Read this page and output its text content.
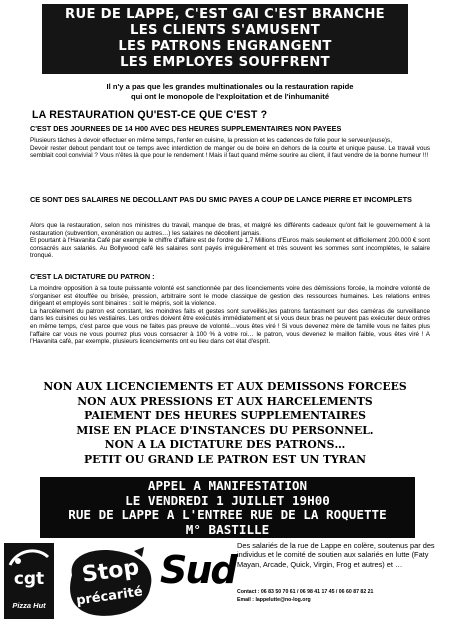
RUE DE LAPPE, C'EST GAI C'EST BRANCHE
LES CLIENTS S'AMUSENT
LES PATRONS ENGRANGENT
LES EMPLOYES SOUFFRENT
Il n'y a pas que les grandes multinationales ou la restauration rapide
qui ont le monopole de l'exploitation et de l'inhumanité
LA RESTAURATION QU'EST-CE QUE C'EST ?
C'EST DES JOURNEES DE 14 H00 AVEC DES HEURES SUPPLEMENTAIRES NON PAYEES
Plusieurs tâches à devoir effectuer en même temps, l'enfer en cuisine, la pression et les cadences de folie pour le serveur(euse)s,
Devoir rester debout pendant tout ce temps avec interdiction de manger ou de boire en dehors de la courte et unique pause. Le travail vous semblait cool convivial ? Vous n'êtes là que pour le rendement ! Mais il faut quand même sourire au client, il faut vendre de la bonne humeur !!!
CE SONT DES SALAIRES NE DECOLLANT PAS DU SMIC PAYES A COUP DE LANCE PIERRE ET INCOMPLETS
Alors que la restauration, selon nos ministres du travail, manque de bras, et malgré les différents cadeaux qu'ont fait le gouvernement à la restauration (subvention, exonération ou autres…) les salaires ne décollent jamais.
Et pourtant à l'Havanita Café par exemple le chiffre d'affaire est de l'ordre de 1,7 Millions d'Euros mais seulement et difficilement 200.000 € sont consacrés aux salariés. Au Bollywood café les salaires sont payés irrégulièrement et très souvent les sommes sont incomplètes, le salaire tronqué.
C'EST LA DICTATURE DU PATRON :
La moindre opposition à sa toute puissante volonté est sanctionnée par des licenciements voire des démissions forcée, la moindre volonté de s'organiser est étouffée ou brisée, pression, arbitraire sont le mode classique de gestion des ressources humaines. Les relations entres dirigeant et employés sont binaires : soit le mépris, soit la violence.
La harcèlement du patron est constant, les moindres faits et gestes sont surveillés,les patrons fantasment sur des caméras de surveillance dans les cuisines ou les vestiaires. Les ordres doivent être exécutés immédiatement et si vous deux bras ne peuvent pas exécuter deux ordres en même temps, c'est parce que vous ne faites pas preuve de volonté…vous êtes viré ! Si vous devenez mère de famille vous ne faites plus l'affaire car vous ne vous pourrez plus vous consacrer à 100 % à votre roi… le patron, vous devenez le maillon faible, vous êtes viré ! A l'Havanita café, par exemple, plusieurs licenciements ont eu lieu dans cet état d'esprit.
NON AUX LICENCIEMENTS ET AUX DEMISSONS FORCEES
NON AUX PRESSIONS ET AUX HARCELEMENTS
PAIEMENT DES HEURES SUPPLEMENTAIRES
MISE EN PLACE D'INSTANCES DU PERSONNEL.
NON A LA DICTATURE DES PATRONS…
PETIT OU GRAND LE PATRON EST UN TYRAN
APPEL A MANIFESTATION
LE VENDREDI 1 JUILLET 19H00
RUE DE LAPPE A L'ENTREE RUE DE LA ROQUETTE
M° BASTILLE
cgt
Pizza Hut
Stop
précarité
Sud
Des salariés de la rue de Lappe en colère, soutenus par des individus et le comité de soutien aux salariés en lutte (Faty Mayan, Arcade, Quick, Virgin, Frog et autres) et …
Contact : 06 83 50 70 61 / 06 98 41 17 45 / 06 60 87 82 21
Email : lappelutte@no-log.org
